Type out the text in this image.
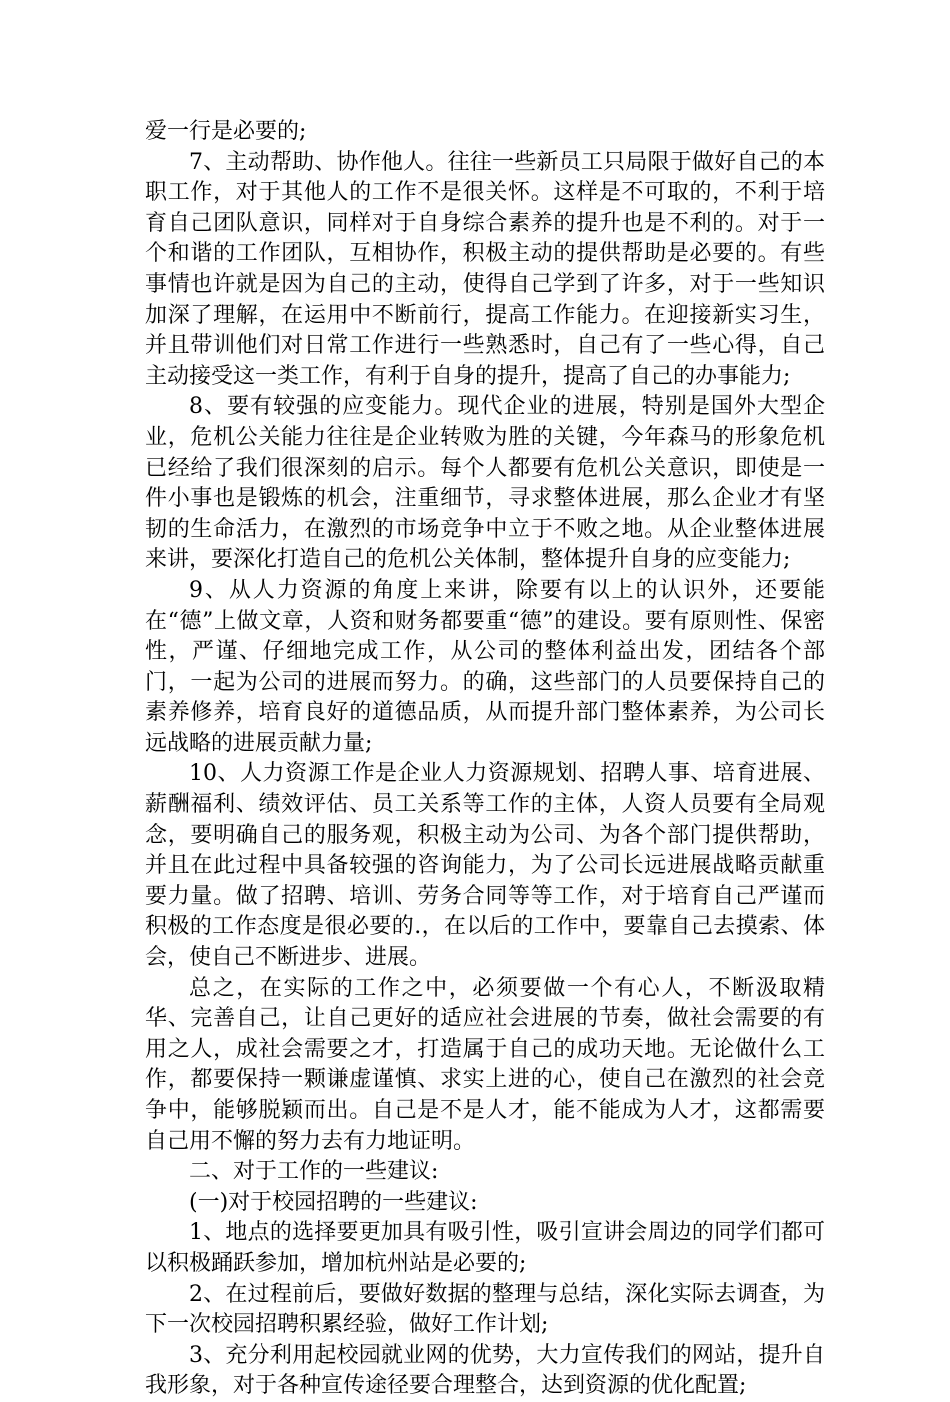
爱一行是必要的;

7、主动帮助、协作他人。往往一些新员工只局限于做好自己的本职工作，对于其他人的工作不是很关怀。这样是不可取的，不利于培育自己团队意识，同样对于自身综合素养的提升也是不利的。对于一个和谐的工作团队，互相协作，积极主动的提供帮助是必要的。有些事情也许就是因为自己的主动，使得自己学到了许多，对于一些知识加深了理解，在运用中不断前行，提高工作能力。在迎接新实习生，并且带训他们对日常工作进行一些熟悉时，自己有了一些心得，自己主动接受这一类工作，有利于自身的提升，提高了自己的办事能力;

8、要有较强的应变能力。现代企业的进展，特别是国外大型企业，危机公关能力往往是企业转败为胜的关键，今年森马的形象危机已经给了我们很深刻的启示。每个人都要有危机公关意识，即使是一件小事也是锻炼的机会，注重细节，寻求整体进展，那么企业才有坚韧的生命活力，在激烈的市场竞争中立于不败之地。从企业整体进展来讲，要深化打造自己的危机公关体制，整体提升自身的应变能力;

9、从人力资源的角度上来讲，除要有以上的认识外，还要能在“德”上做文章，人资和财务都要重“德”的建设。要有原则性、保密性，严谨、仔细地完成工作，从公司的整体利益出发，团结各个部门，一起为公司的进展而努力。的确，这些部门的人员要保持自己的素养修养，培育良好的道德品质，从而提升部门整体素养，为公司长远战略的进展贡献力量;

10、人力资源工作是企业人力资源规划、招聘人事、培育进展、薪酬福利、绩效评估、员工关系等工作的主体，人资人员要有全局观念，要明确自己的服务观，积极主动为公司、为各个部门提供帮助，并且在此过程中具备较强的咨询能力，为了公司长远进展战略贡献重要力量。做了招聘、培训、劳务合同等等工作，对于培育自己严谨而积极的工作态度是很必要的.，在以后的工作中，要靠自己去摸索、体会，使自己不断进步、进展。

总之，在实际的工作之中，必须要做一个有心人，不断汲取精华、完善自己，让自己更好的适应社会进展的节奏，做社会需要的有用之人，成社会需要之才，打造属于自己的成功天地。无论做什么工作，都要保持一颗谦虚谨慎、求实上进的心，使自己在激烈的社会竞争中，能够脱颖而出。自己是不是人才，能不能成为人才，这都需要自己用不懈的努力去有力地证明。

二、对于工作的一些建议:

(一)对于校园招聘的一些建议:

1、地点的选择要更加具有吸引性，吸引宣讲会周边的同学们都可以积极踊跃参加，增加杭州站是必要的;

2、在过程前后，要做好数据的整理与总结，深化实际去调查，为下一次校园招聘积累经验，做好工作计划;

3、充分利用起校园就业网的优势，大力宣传我们的网站，提升自我形象，对于各种宣传途径要合理整合，达到资源的优化配置;
